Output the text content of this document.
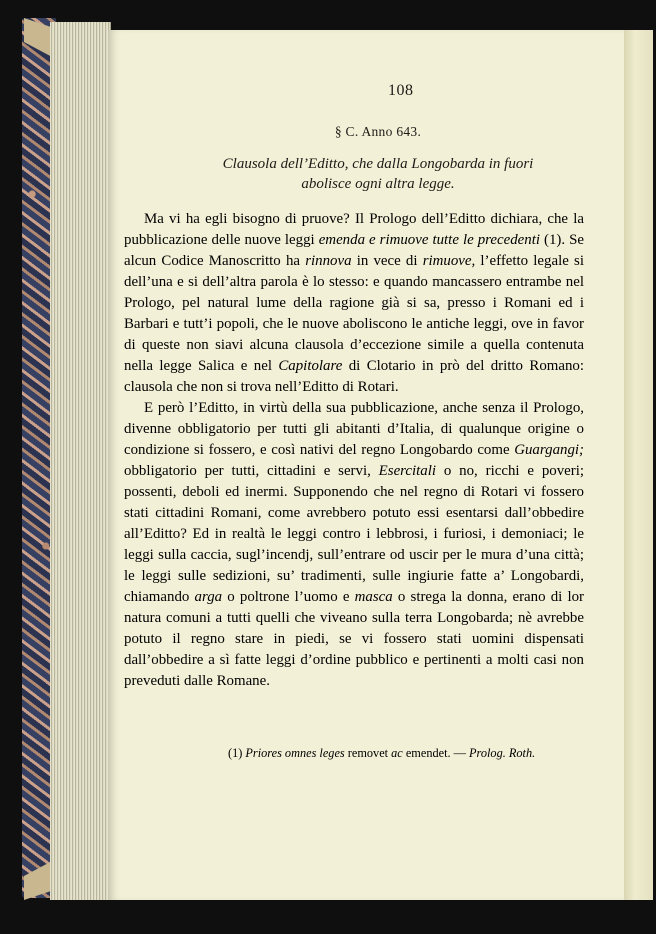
108
§ C. Anno 643.
Clausola dell’Editto, che dalla Longobarda in fuori
abolisce ogni altra legge.

Ma vi ha egli bisogno di pruove? Il Prologo dell’Editto dichiara, che la pubblicazione delle nuove leggi emenda e rimuove tutte le precedenti (1). Se alcun Codice Manoscritto ha rinnova in vece di rimuove, l’effetto legale si dell’una e si dell’altra parola è lo stesso: e quando mancassero entrambe nel Prologo, pel natural lume della ragione già si sa, presso i Romani ed i Barbari e tutt’i popoli, che le nuove aboliscono le antiche leggi, ove in favor di queste non siavi alcuna clausola d’eccezione simile a quella contenuta nella legge Salica e nel Capitolare di Clotario in prò del dritto Romano: clausola che non si trova nell’Editto di Rotari.

E però l’Editto, in virtù della sua pubblicazione, anche senza il Prologo, divenne obbligatorio per tutti gli abitanti d’Italia, di qualunque origine o condizione si fossero, e così nativi del regno Longobardo come Guargangi; obbligatorio per tutti, cittadini e servi, Esercitali o no, ricchi e poveri; possenti, deboli ed inermi. Supponendo che nel regno di Rotari vi fossero stati cittadini Romani, come avrebbero potuto essi esentarsi dall’obbedire all’Editto? Ed in realtà le leggi contro i lebbrosi, i furiosi, i demoniaci; le leggi sulla caccia, sugl’incendj, sull’entrare od uscir per le mura d’una città; le leggi sulle sedizioni, su’ tradimenti, sulle ingiurie fatte a’ Longobardi, chiamando arga o poltrone l’uomo e masca o strega la donna, erano di lor natura comuni a tutti quelli che viveano sulla terra Longobarda; nè avrebbe potuto il regno stare in piedi, se vi fossero stati uomini dispensati dall’obbedire a sì fatte leggi d’ordine pubblico e pertinenti a molti casi non preveduti dalle Romane.

(1) Priores omnes leges removet ac emendet. — Prolog. Roth.
